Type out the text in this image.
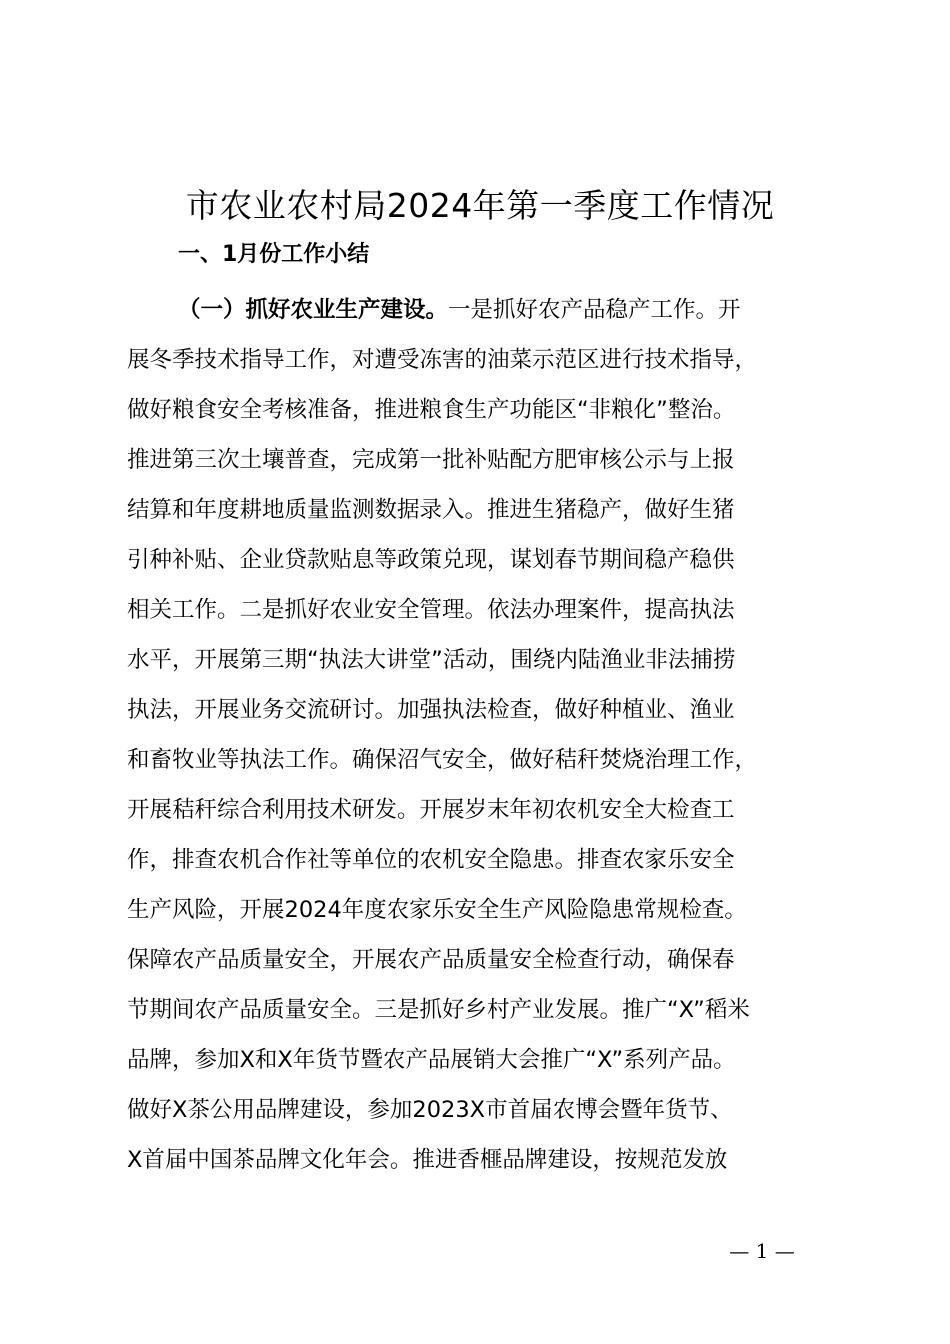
市农业农村局2024年第一季度工作情况
一、1月份工作小结
（一）抓好农业生产建设。一是抓好农产品稳产工作。开
展冬季技术指导工作，对遭受冻害的油菜示范区进行技术指导，
做好粮食安全考核准备，推进粮食生产功能区“非粮化”整治。
推进第三次土壤普查，完成第一批补贴配方肥审核公示与上报
结算和年度耕地质量监测数据录入。推进生猪稳产，做好生猪
引种补贴、企业贷款贴息等政策兑现，谋划春节期间稳产稳供
相关工作。二是抓好农业安全管理。依法办理案件，提高执法
水平，开展第三期“执法大讲堂”活动，围绕内陆渔业非法捕捞
执法，开展业务交流研讨。加强执法检查，做好种植业、渔业
和畜牧业等执法工作。确保沼气安全，做好秸秆焚烧治理工作，
开展秸秆综合利用技术研发。开展岁末年初农机安全大检查工
作，排查农机合作社等单位的农机安全隐患。排查农家乐安全
生产风险，开展2024年度农家乐安全生产风险隐患常规检查。
保障农产品质量安全，开展农产品质量安全检查行动，确保春
节期间农产品质量安全。三是抓好乡村产业发展。推广“X”稻米
品牌，参加X和X年货节暨农产品展销大会推广“X”系列产品。
做好X茶公用品牌建设，参加2023X市首届农博会暨年货节、
X首届中国茶品牌文化年会。推进香榧品牌建设，按规范发放
— 1 —
